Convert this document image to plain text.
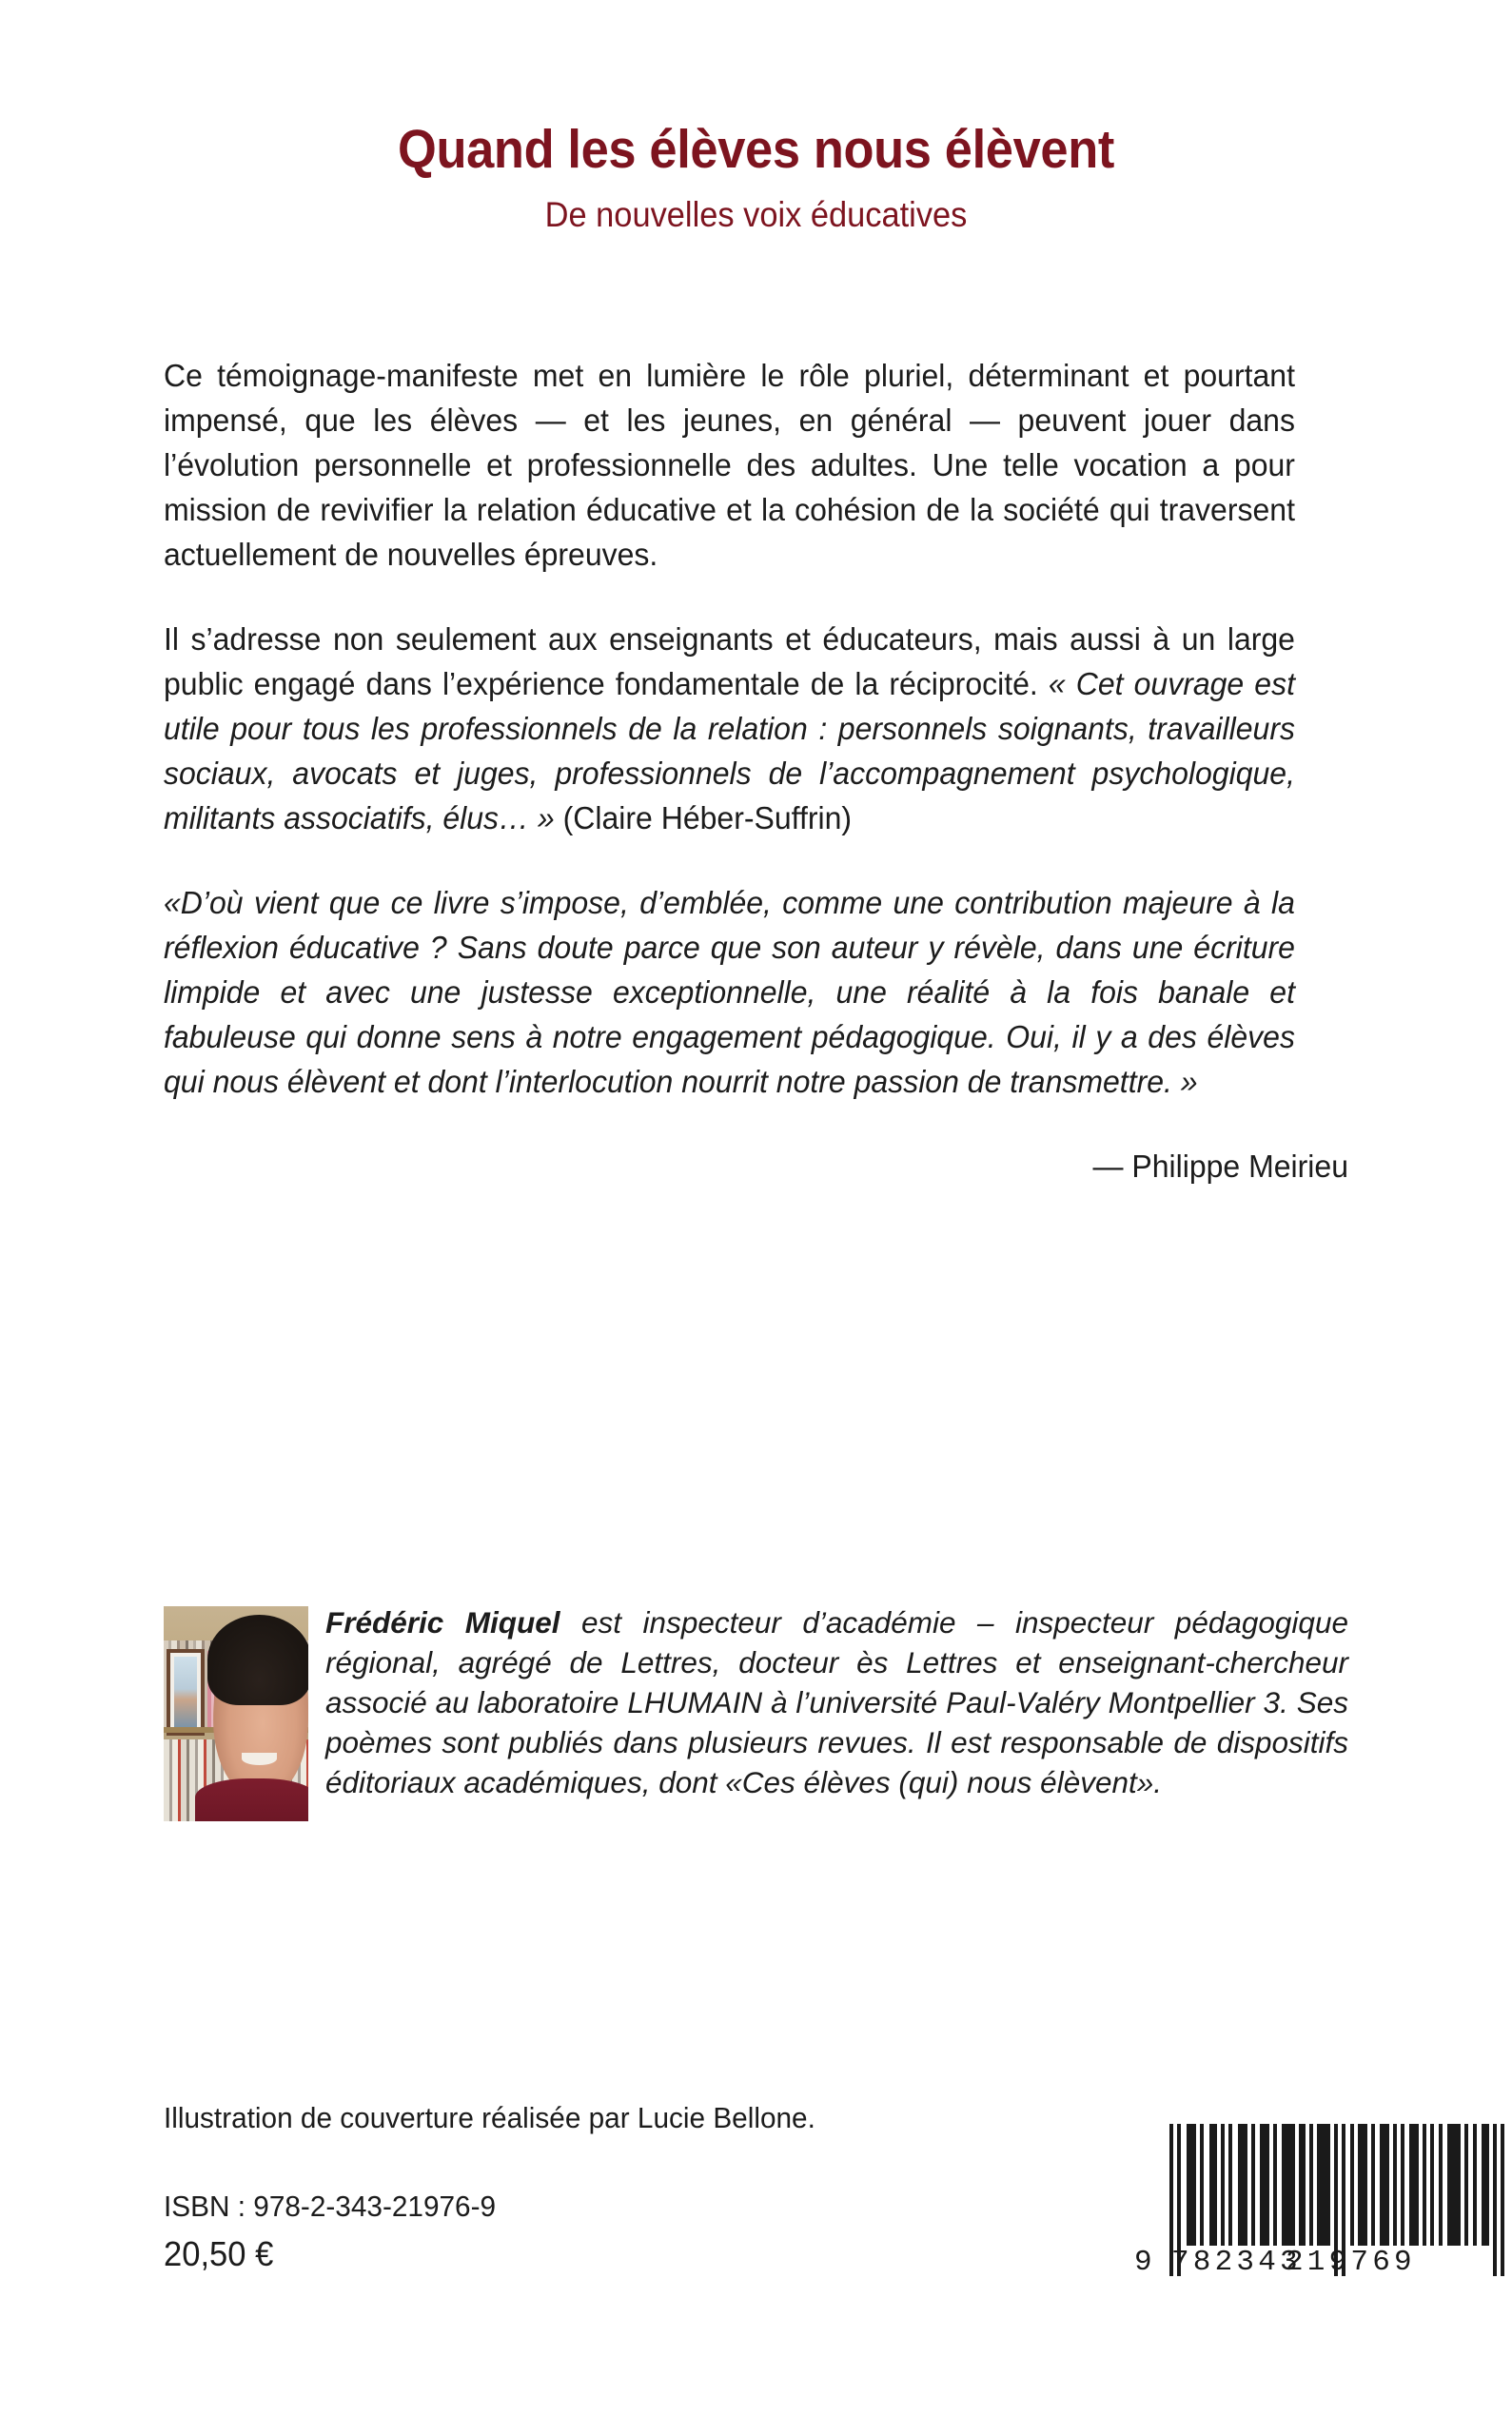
Quand les élèves nous élèvent
De nouvelles voix éducatives

Ce témoignage-manifeste met en lumière le rôle pluriel, déterminant et pourtant impensé, que les élèves — et les jeunes, en général — peuvent jouer dans l’évolution personnelle et professionnelle des adultes. Une telle vocation a pour mission de revivifier la relation éducative et la cohésion de la société qui traversent actuellement de nouvelles épreuves.

Il s’adresse non seulement aux enseignants et éducateurs, mais aussi à un large public engagé dans l’expérience fondamentale de la réciprocité. « Cet ouvrage est utile pour tous les professionnels de la relation : personnels soignants, travailleurs sociaux, avocats et juges, professionnels de l’accompagnement psychologique, militants associatifs, élus… » (Claire Héber-Suffrin)

«D’où vient que ce livre s’impose, d’emblée, comme une contribution majeure à la réflexion éducative ? Sans doute parce que son auteur y révèle, dans une écriture limpide et avec une justesse exceptionnelle, une réalité à la fois banale et fabuleuse qui donne sens à notre engagement pédagogique. Oui, il y a des élèves qui nous élèvent et dont l’interlocution nourrit notre passion de transmettre. »

— Philippe Meirieu

Frédéric Miquel est inspecteur d’académie – inspecteur pédagogique régional, agrégé de Lettres, docteur ès Lettres et enseignant-chercheur associé au laboratoire LHUMAIN à l’université Paul-Valéry Montpellier 3. Ses poèmes sont publiés dans plusieurs revues. Il est responsable de dispositifs éditoriaux académiques, dont «Ces élèves (qui) nous élèvent».
Illustration de couverture réalisée par Lucie Bellone.
ISBN : 978-2-343-21976-9
20,50 €	9 782343
219769
